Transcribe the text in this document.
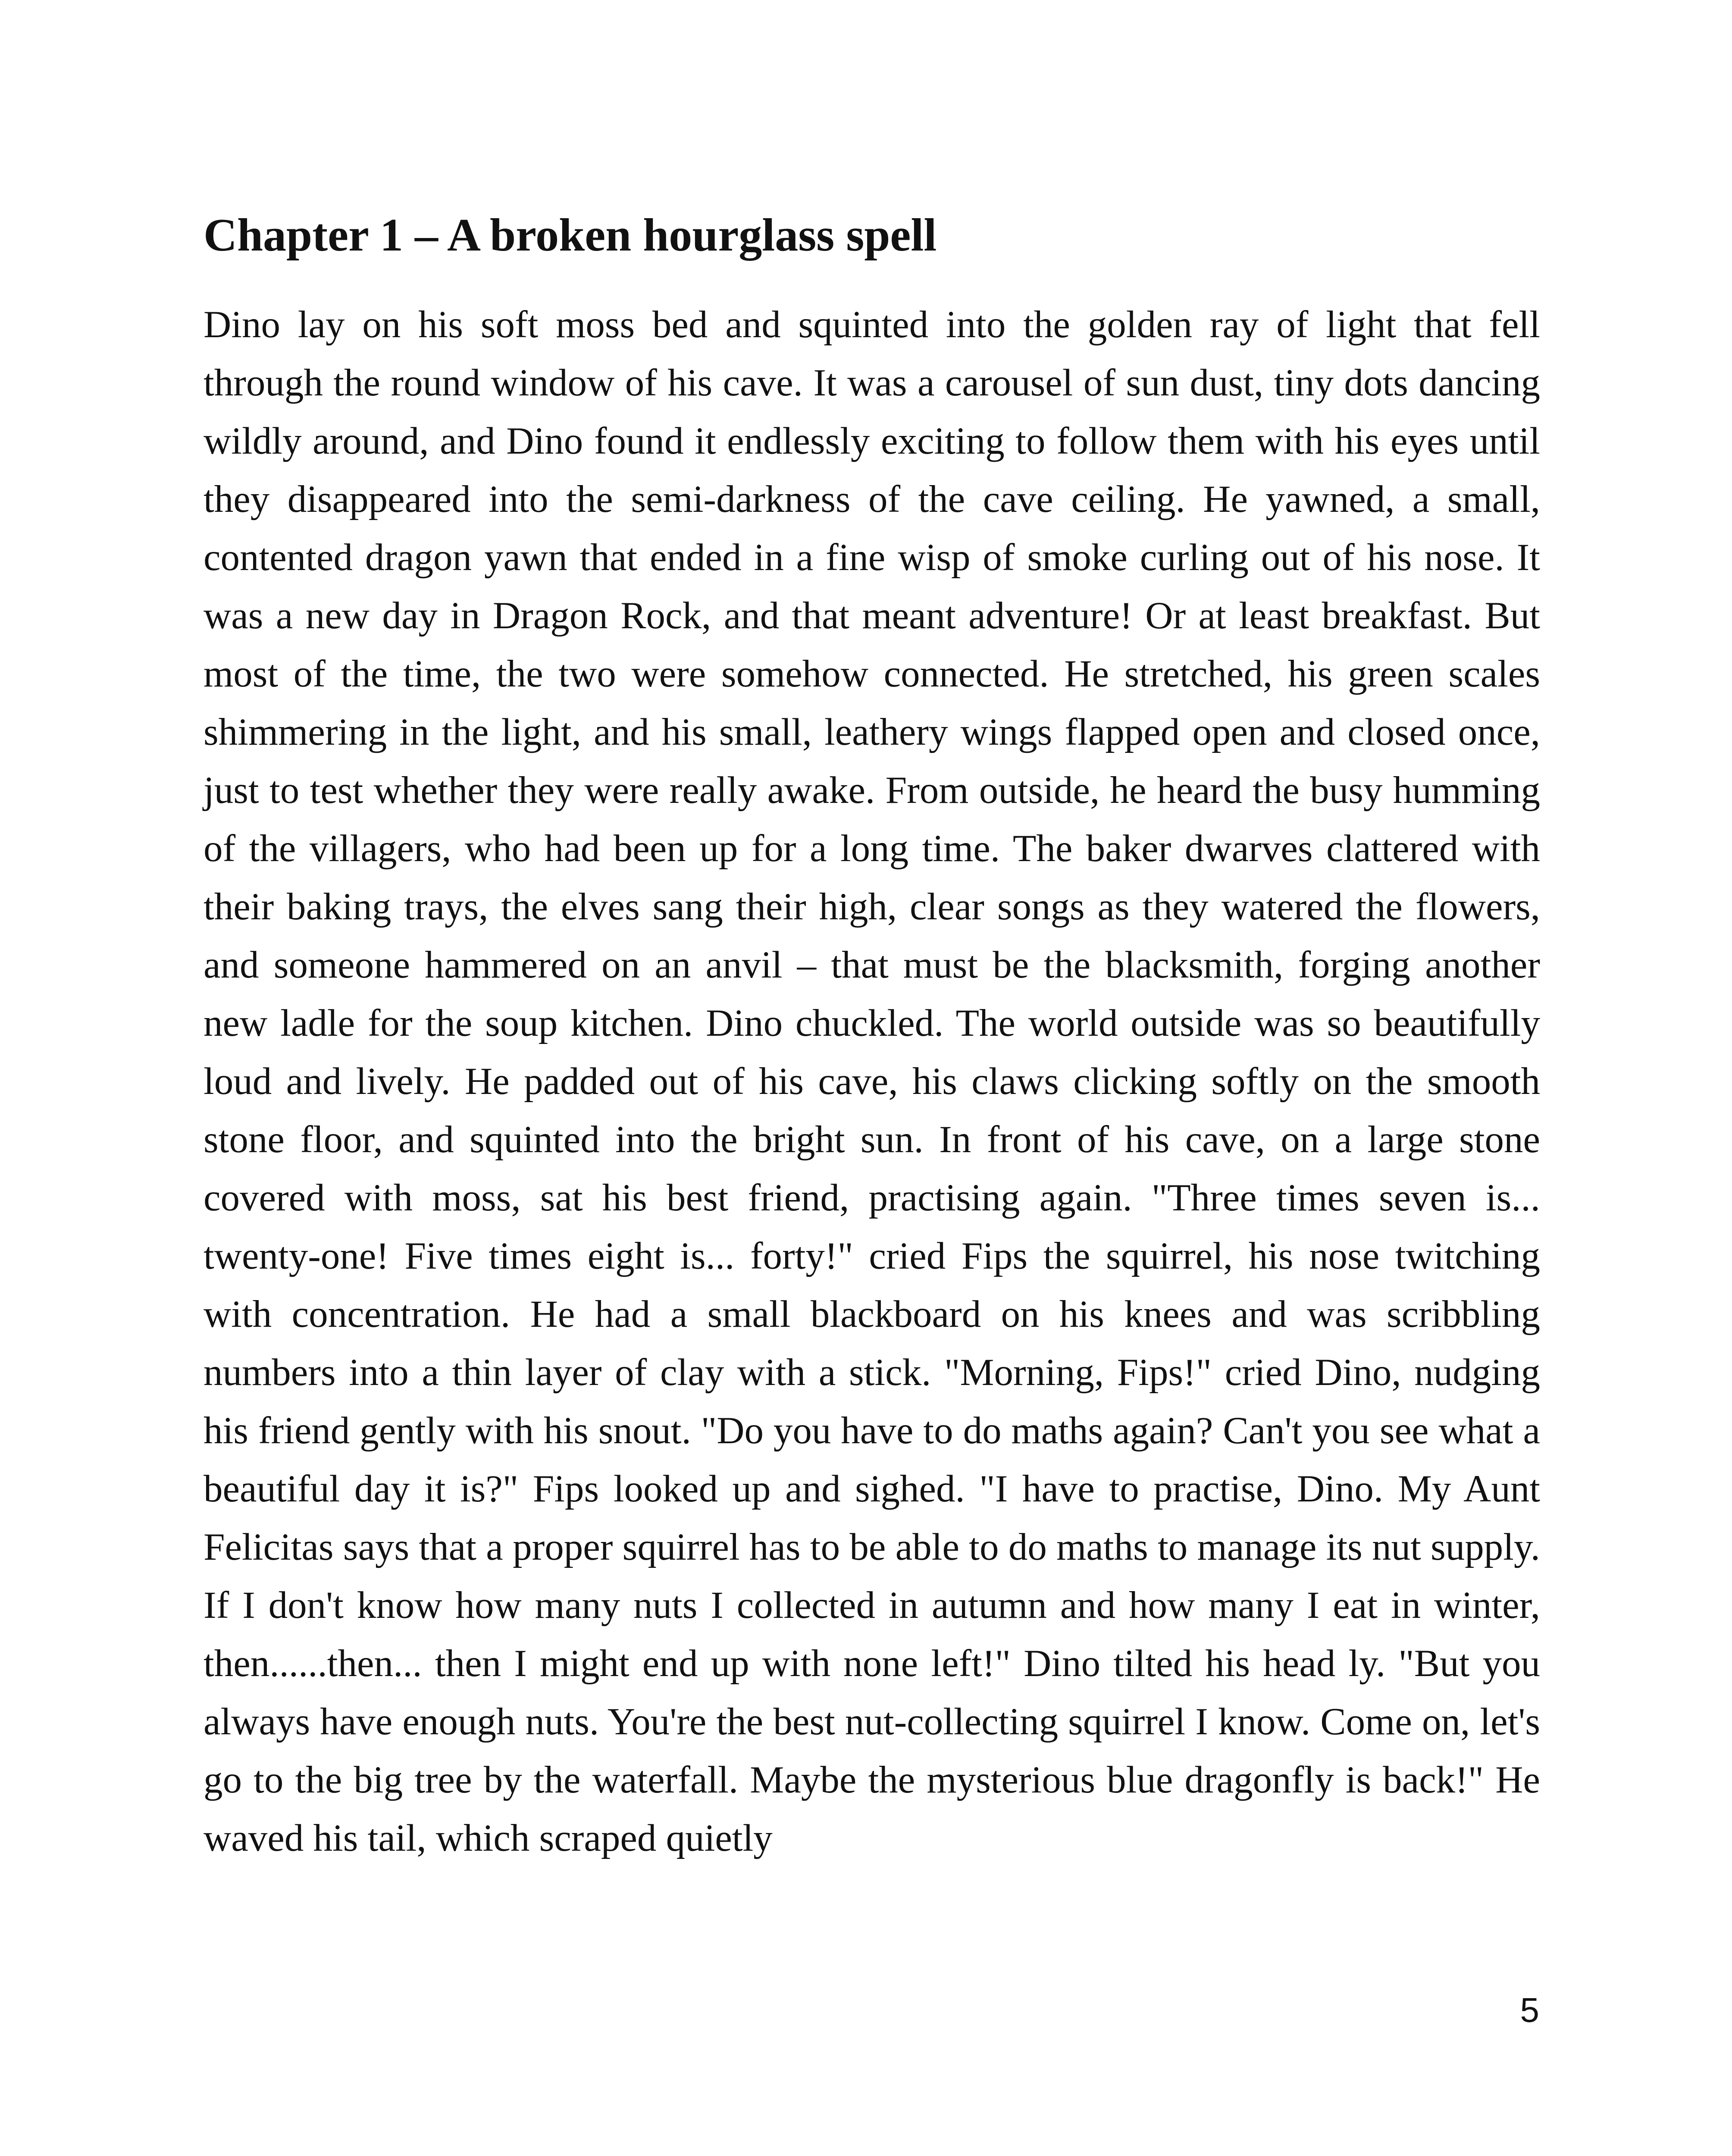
Chapter 1 – A broken hourglass spell

Dino lay on his soft moss bed and squinted into the golden ray of light that fell through the round window of his cave. It was a carousel of sun dust, tiny dots dancing wildly around, and Dino found it endlessly exciting to follow them with his eyes until they disappeared into the semi-darkness of the cave ceiling. He yawned, a small, contented dragon yawn that ended in a fine wisp of smoke curling out of his nose. It was a new day in Dragon Rock, and that meant adventure! Or at least breakfast. But most of the time, the two were somehow connected. He stretched, his green scales shimmering in the light, and his small, leathery wings flapped open and closed once, just to test whether they were really awake. From outside, he heard the busy humming of the villagers, who had been up for a long time. The baker dwarves clattered with their baking trays, the elves sang their high, clear songs as they watered the flowers, and someone hammered on an anvil – that must be the blacksmith, forging another new ladle for the soup kitchen. Dino chuckled. The world outside was so beautifully loud and lively. He padded out of his cave, his claws clicking softly on the smooth stone floor, and squinted into the bright sun. In front of his cave, on a large stone covered with moss, sat his best friend, practising again. "Three times seven is... twenty-one! Five times eight is... forty!" cried Fips the squirrel, his nose twitching with concentration. He had a small blackboard on his knees and was scribbling numbers into a thin layer of clay with a stick. "Morning, Fips!" cried Dino, nudging his friend gently with his snout. "Do you have to do maths again? Can't you see what a beautiful day it is?" Fips looked up and sighed. "I have to practise, Dino. My Aunt Felicitas says that a proper squirrel has to be able to do maths to manage its nut supply. If I don't know how many nuts I collected in autumn and how many I eat in winter, then......then... then I might end up with none left!" Dino tilted his head ly. "But you always have enough nuts. You're the best nut-collecting squirrel I know. Come on, let's go to the big tree by the waterfall. Maybe the mysterious blue dragonfly is back!" He waved his tail, which scraped quietly

5
